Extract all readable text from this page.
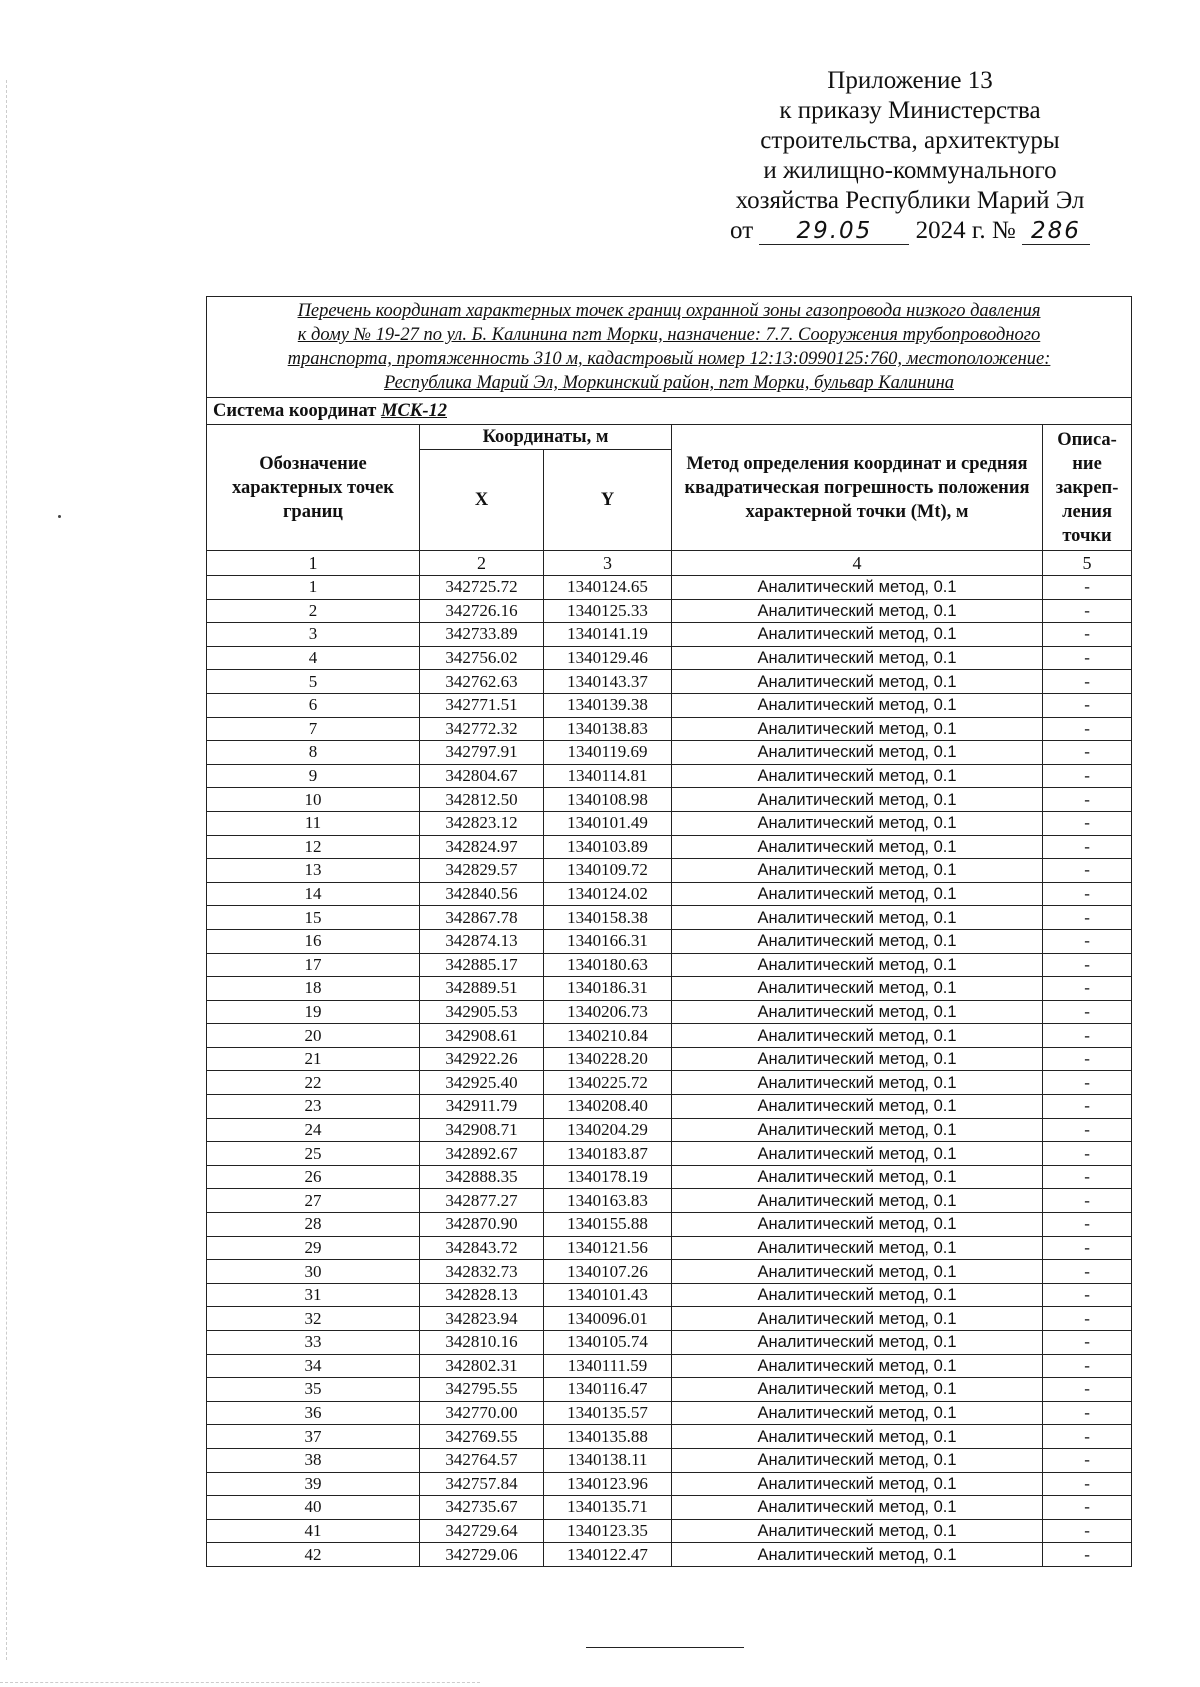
Приложение 13
к приказу Министерства
строительства, архитектуры
и жилищно-коммунального
хозяйства Республики Марий Эл
от 29.05 2024 г. № 286
Перечень координат характерных точек границ охранной зоны газопровода низкого давления
к дому № 19-27 по ул. Б. Калинина пгт Морки, назначение: 7.7. Сооружения трубопроводного
транспорта, протяженность 310 м, кадастровый номер 12:13:0990125:760, местоположение:
Республика Марий Эл, Моркинский район, пгт Морки, бульвар Калинина				

Система координат МСК-12				
Обозначение характерных точек границ	Координаты, м		Метод определения координат и средняя квадратическая погрешность положения характерной точки (Mt), м	Описа-
ние
закреп-
ления
точки

	X	Y		
1	2	3	4	5
1	342725.72	1340124.65	Аналитический метод, 0.1	-
2	342726.16	1340125.33	Аналитический метод, 0.1	-
3	342733.89	1340141.19	Аналитический метод, 0.1	-
4	342756.02	1340129.46	Аналитический метод, 0.1	-
5	342762.63	1340143.37	Аналитический метод, 0.1	-
6	342771.51	1340139.38	Аналитический метод, 0.1	-
7	342772.32	1340138.83	Аналитический метод, 0.1	-
8	342797.91	1340119.69	Аналитический метод, 0.1	-
9	342804.67	1340114.81	Аналитический метод, 0.1	-
10	342812.50	1340108.98	Аналитический метод, 0.1	-
11	342823.12	1340101.49	Аналитический метод, 0.1	-
12	342824.97	1340103.89	Аналитический метод, 0.1	-
13	342829.57	1340109.72	Аналитический метод, 0.1	-
14	342840.56	1340124.02	Аналитический метод, 0.1	-
15	342867.78	1340158.38	Аналитический метод, 0.1	-
16	342874.13	1340166.31	Аналитический метод, 0.1	-
17	342885.17	1340180.63	Аналитический метод, 0.1	-
18	342889.51	1340186.31	Аналитический метод, 0.1	-
19	342905.53	1340206.73	Аналитический метод, 0.1	-
20	342908.61	1340210.84	Аналитический метод, 0.1	-
21	342922.26	1340228.20	Аналитический метод, 0.1	-
22	342925.40	1340225.72	Аналитический метод, 0.1	-
23	342911.79	1340208.40	Аналитический метод, 0.1	-
24	342908.71	1340204.29	Аналитический метод, 0.1	-
25	342892.67	1340183.87	Аналитический метод, 0.1	-
26	342888.35	1340178.19	Аналитический метод, 0.1	-
27	342877.27	1340163.83	Аналитический метод, 0.1	-
28	342870.90	1340155.88	Аналитический метод, 0.1	-
29	342843.72	1340121.56	Аналитический метод, 0.1	-
30	342832.73	1340107.26	Аналитический метод, 0.1	-
31	342828.13	1340101.43	Аналитический метод, 0.1	-
32	342823.94	1340096.01	Аналитический метод, 0.1	-
33	342810.16	1340105.74	Аналитический метод, 0.1	-
34	342802.31	1340111.59	Аналитический метод, 0.1	-
35	342795.55	1340116.47	Аналитический метод, 0.1	-
36	342770.00	1340135.57	Аналитический метод, 0.1	-
37	342769.55	1340135.88	Аналитический метод, 0.1	-
38	342764.57	1340138.11	Аналитический метод, 0.1	-
39	342757.84	1340123.96	Аналитический метод, 0.1	-
40	342735.67	1340135.71	Аналитический метод, 0.1	-
41	342729.64	1340123.35	Аналитический метод, 0.1	-
42	342729.06	1340122.47	Аналитический метод, 0.1	-
